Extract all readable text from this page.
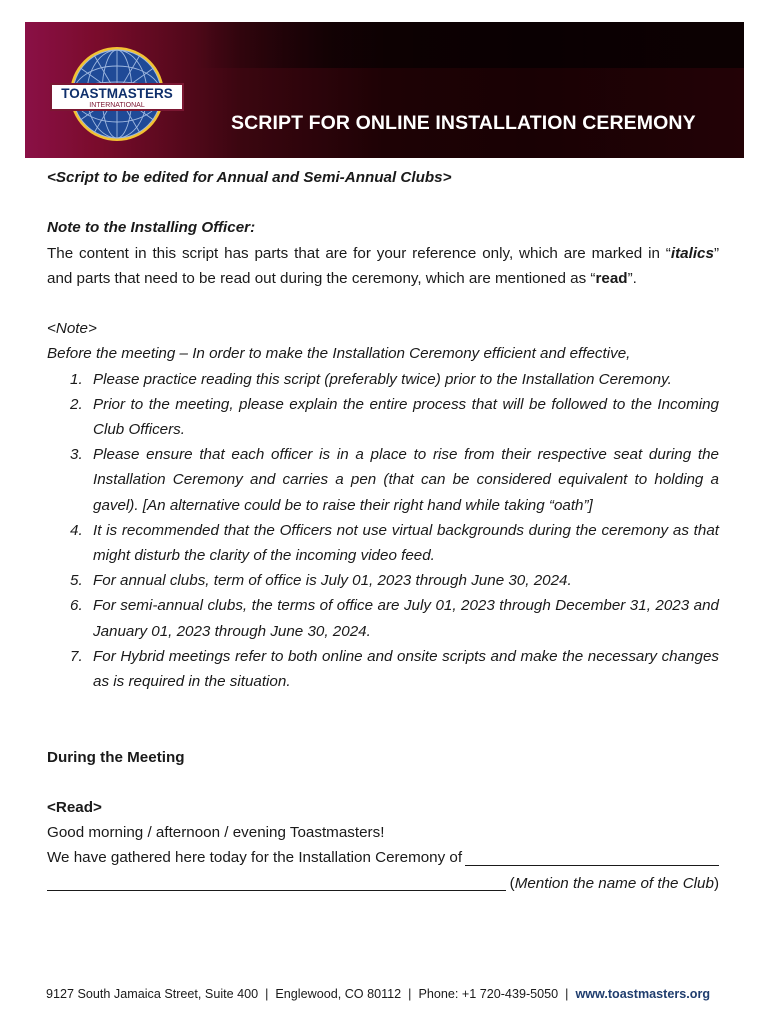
TOASTMASTERS
INTERNATIONAL
SCRIPT FOR ONLINE INSTALLATION CEREMONY

<Script to be edited for Annual and Semi-Annual Clubs>

Note to the Installing Officer:

The content in this script has parts that are for your reference only, which are marked in “italics” and parts that need to be read out during the ceremony, which are mentioned as “read”.

<Note>

Before the meeting – In order to make the Installation Ceremony efficient and effective,

1. Please practice reading this script (preferably twice) prior to the Installation Ceremony.
2. Prior to the meeting, please explain the entire process that will be followed to the Incoming Club Officers.
3. Please ensure that each officer is in a place to rise from their respective seat during the Installation Ceremony and carries a pen (that can be considered equivalent to holding a gavel). [An alternative could be to raise their right hand while taking “oath”]
4. It is recommended that the Officers not use virtual backgrounds during the ceremony as that might disturb the clarity of the incoming video feed.
5. For annual clubs, term of office is July 01, 2023 through June 30, 2024.
6. For semi-annual clubs, the terms of office are July 01, 2023 through December 31, 2023 and January 01, 2023 through June 30, 2024.
7. For Hybrid meetings refer to both online and onsite scripts and make the necessary changes as is required in the situation.

During the Meeting

<Read>

Good morning / afternoon / evening Toastmasters!

We have gathered here today for the Installation Ceremony of
( Mention the name of the Club )
9127 South Jamaica Street, Suite 400  |  Englewood, CO 80112  |  Phone: +1 720-439-5050  |  www.toastmasters.org
